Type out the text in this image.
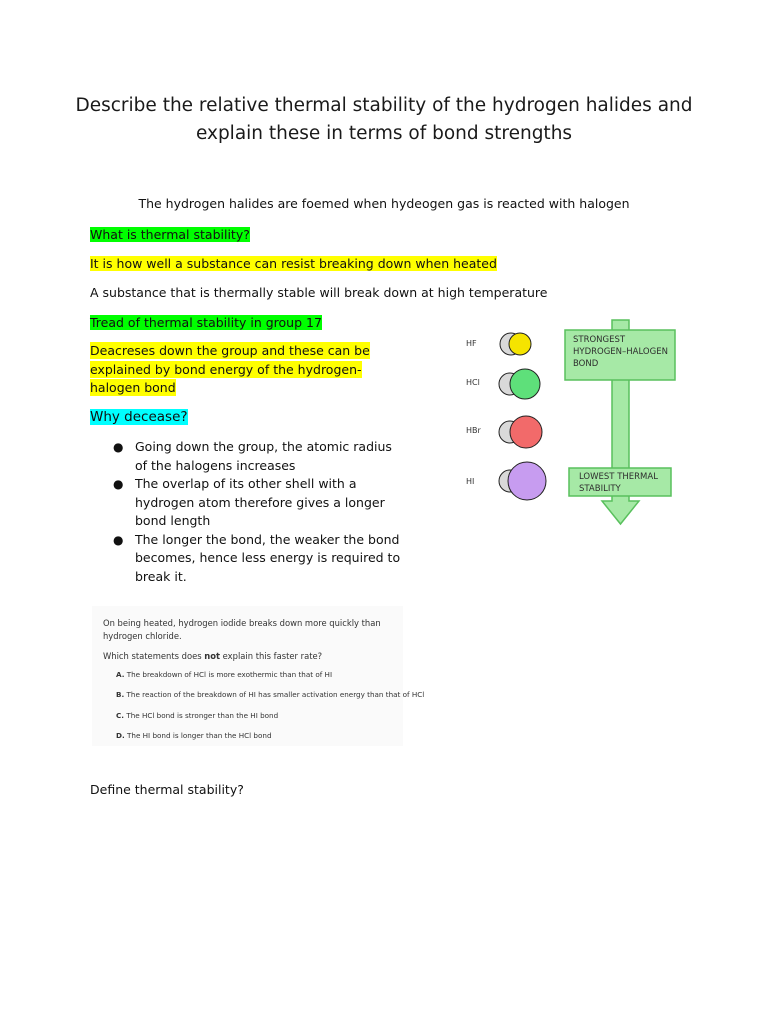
Describe the relative thermal stability of the hydrogen halides and
explain these in terms of bond strengths
The hydrogen halides are foemed when hydeogen gas is reacted with halogen
What is thermal stability?
It is how well a substance can resist breaking down when heated
A substance that is thermally stable will break down at high temperature
Tread of thermal stability in group 17
Deacreses down the group and these can be explained by bond energy of the hydrogen-halogen bond
Why decease?
● Going down the group, the atomic radius of the halogens increases
● The overlap of its other shell with a hydrogen atom therefore gives a longer bond length
● The longer the bond, the weaker the bond becomes, hence less energy is required to break it.
STRONGEST
HYDROGEN–HALOGEN
BOND
LOWEST THERMAL
STABILITY
HF
HCl
HBr
HI
On being heated, hydrogen iodide breaks down more quickly than hydrogen chloride.
Which statements does not explain this faster rate?
A. The breakdown of HCl is more exothermic than that of HI
B. The reaction of the breakdown of HI has smaller activation energy than that of HCl
C. The HCl bond is stronger than the HI bond
D. The HI bond is longer than the HCl bond
Define thermal stability?
